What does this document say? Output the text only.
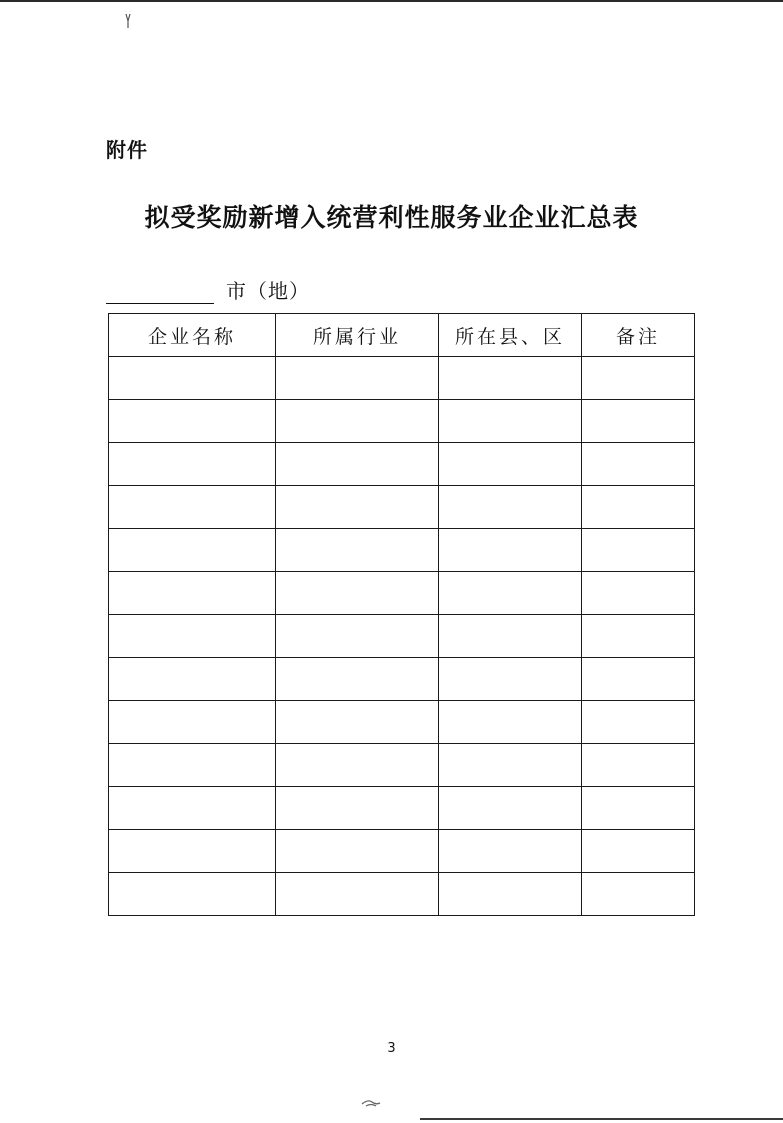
附件
拟受奖励新增入统营利性服务业企业汇总表
市（地）
企业名称	所属行业	所在县、区	备注

3
